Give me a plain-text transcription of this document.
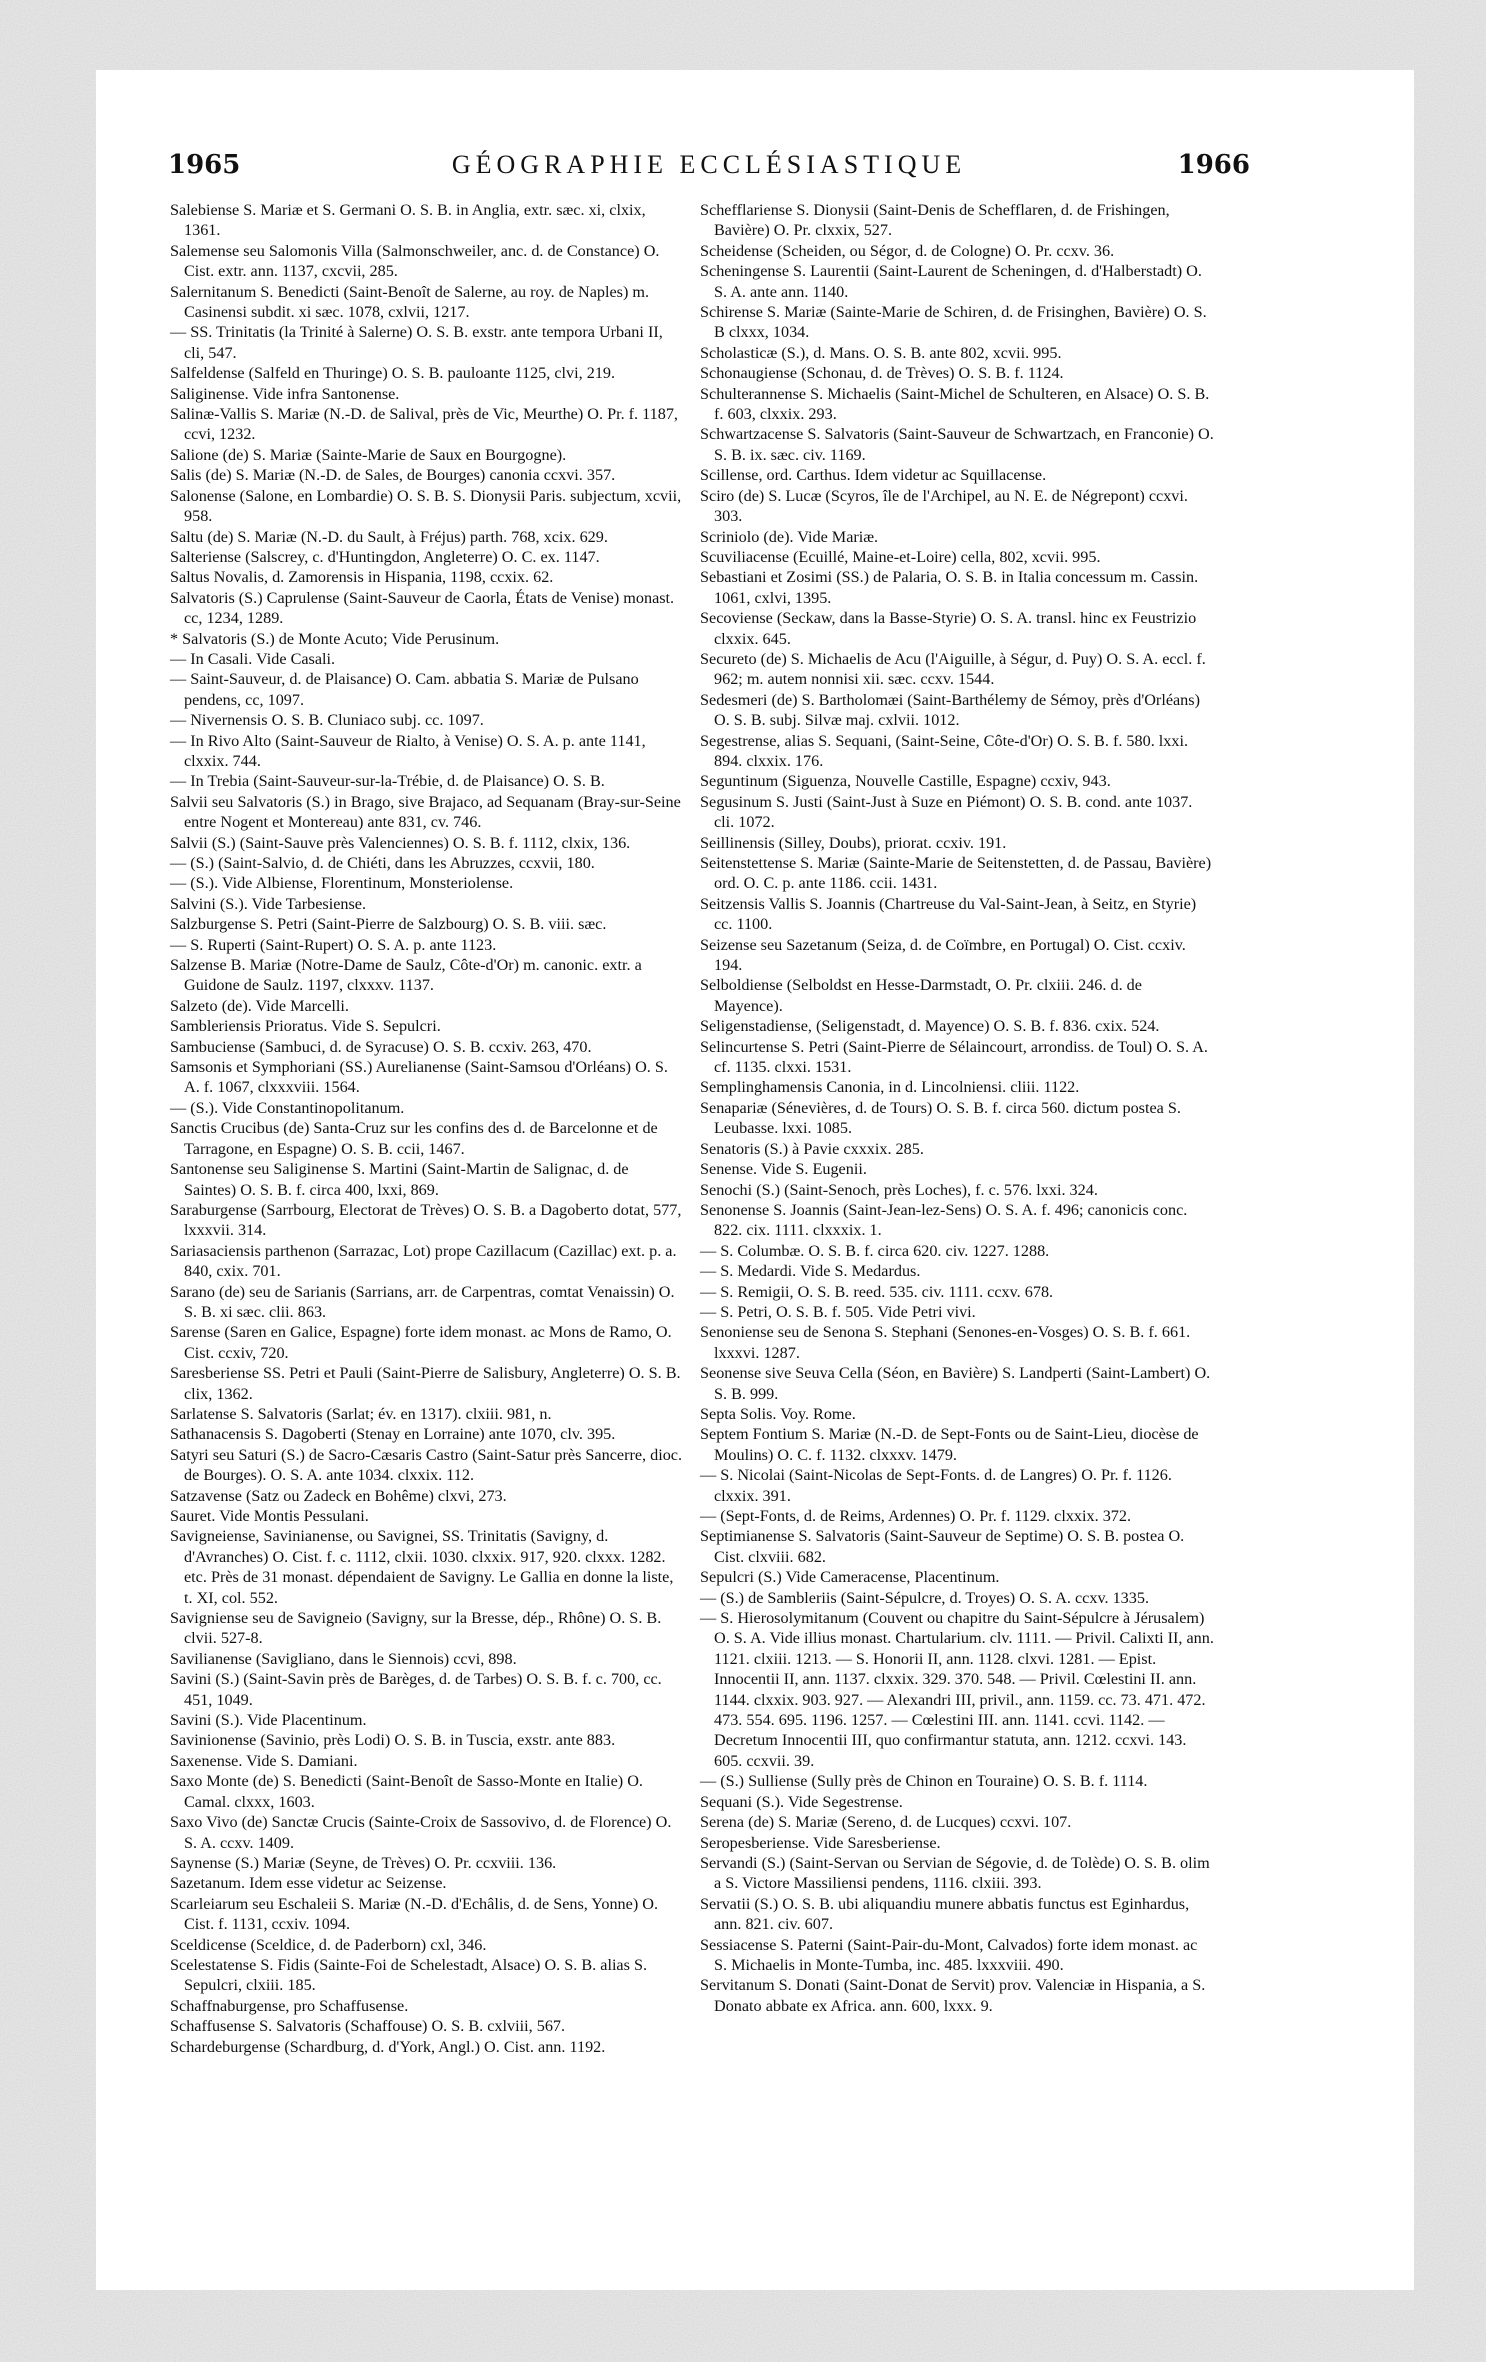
1965	GÉOGRAPHIE ECCLÉSIASTIQUE	1966

Salebiense S. Mariæ et S. Germani O. S. B. in Anglia, extr. sæc. xi, clxix, 1361.

Salemense seu Salomonis Villa (Salmonschweiler, anc. d. de Constance) O. Cist. extr. ann. 1137, cxcvii, 285.

Salernitanum S. Benedicti (Saint-Benoît de Salerne, au roy. de Naples) m. Casinensi subdit. xi sæc. 1078, cxlvii, 1217.

— SS. Trinitatis (la Trinité à Salerne) O. S. B. exstr. ante tempora Urbani II, cli, 547.

Salfeldense (Salfeld en Thuringe) O. S. B. pauloante 1125, clvi, 219.

Saliginense. Vide infra Santonense.

Salinæ-Vallis S. Mariæ (N.-D. de Salival, près de Vic, Meurthe) O. Pr. f. 1187, ccvi, 1232.

Salione (de) S. Mariæ (Sainte-Marie de Saux en Bourgogne).

Salis (de) S. Mariæ (N.-D. de Sales, de Bourges) canonia ccxvi. 357.

Salonense (Salone, en Lombardie) O. S. B. S. Dionysii Paris. subjectum, xcvii, 958.

Saltu (de) S. Mariæ (N.-D. du Sault, à Fréjus) parth. 768, xcix. 629.

Salteriense (Salscrey, c. d'Huntingdon, Angleterre) O. C. ex. 1147.

Saltus Novalis, d. Zamorensis in Hispania, 1198, ccxix. 62.

Salvatoris (S.) Caprulense (Saint-Sauveur de Caorla, États de Venise) monast. cc, 1234, 1289.

* Salvatoris (S.) de Monte Acuto; Vide Perusinum.

— In Casali. Vide Casali.

— Saint-Sauveur, d. de Plaisance) O. Cam. abbatia S. Mariæ de Pulsano pendens, cc, 1097.

— Nivernensis O. S. B. Cluniaco subj. cc. 1097.

— In Rivo Alto (Saint-Sauveur de Rialto, à Venise) O. S. A. p. ante 1141, clxxix. 744.

— In Trebia (Saint-Sauveur-sur-la-Trébie, d. de Plaisance) O. S. B.

Salvii seu Salvatoris (S.) in Brago, sive Brajaco, ad Sequanam (Bray-sur-Seine entre Nogent et Montereau) ante 831, cv. 746.

Salvii (S.) (Saint-Sauve près Valenciennes) O. S. B. f. 1112, clxix, 136.

— (S.) (Saint-Salvio, d. de Chiéti, dans les Abruzzes, ccxvii, 180.

— (S.). Vide Albiense, Florentinum, Monsteriolense.

Salvini (S.). Vide Tarbesiense.

Salzburgense S. Petri (Saint-Pierre de Salzbourg) O. S. B. viii. sæc.

— S. Ruperti (Saint-Rupert) O. S. A. p. ante 1123.

Salzense B. Mariæ (Notre-Dame de Saulz, Côte-d'Or) m. canonic. extr. a Guidone de Saulz. 1197, clxxxv. 1137.

Salzeto (de). Vide Marcelli.

Sambleriensis Prioratus. Vide S. Sepulcri.

Sambuciense (Sambuci, d. de Syracuse) O. S. B. ccxiv. 263, 470.

Samsonis et Symphoriani (SS.) Aurelianense (Saint-Samsou d'Orléans) O. S. A. f. 1067, clxxxviii. 1564.

— (S.). Vide Constantinopolitanum.

Sanctis Crucibus (de) Santa-Cruz sur les confins des d. de Barcelonne et de Tarragone, en Espagne) O. S. B. ccii, 1467.

Santonense seu Saliginense S. Martini (Saint-Martin de Salignac, d. de Saintes) O. S. B. f. circa 400, lxxi, 869.

Saraburgense (Sarrbourg, Electorat de Trèves) O. S. B. a Dagoberto dotat, 577, lxxxvii. 314.

Sariasaciensis parthenon (Sarrazac, Lot) prope Cazillacum (Cazillac) ext. p. a. 840, cxix. 701.

Sarano (de) seu de Sarianis (Sarrians, arr. de Carpentras, comtat Venaissin) O. S. B. xi sæc. clii. 863.

Sarense (Saren en Galice, Espagne) forte idem monast. ac Mons de Ramo, O. Cist. ccxiv, 720.

Saresberiense SS. Petri et Pauli (Saint-Pierre de Salisbury, Angleterre) O. S. B. clix, 1362.

Sarlatense S. Salvatoris (Sarlat; év. en 1317). clxiii. 981, n.

Sathanacensis S. Dagoberti (Stenay en Lorraine) ante 1070, clv. 395.

Satyri seu Saturi (S.) de Sacro-Cæsaris Castro (Saint-Satur près Sancerre, dioc. de Bourges). O. S. A. ante 1034. clxxix. 112.

Satzavense (Satz ou Zadeck en Bohême) clxvi, 273.

Sauret. Vide Montis Pessulani.

Savigneiense, Savinianense, ou Savignei, SS. Trinitatis (Savigny, d. d'Avranches) O. Cist. f. c. 1112, clxii. 1030. clxxix. 917, 920. clxxx. 1282. etc. Près de 31 monast. dépendaient de Savigny. Le Gallia en donne la liste, t. XI, col. 552.

Savigniense seu de Savigneio (Savigny, sur la Bresse, dép., Rhône) O. S. B. clvii. 527-8.

Savilianense (Savigliano, dans le Siennois) ccvi, 898.

Savini (S.) (Saint-Savin près de Barèges, d. de Tarbes) O. S. B. f. c. 700, cc. 451, 1049.

Savini (S.). Vide Placentinum.

Savinionense (Savinio, près Lodi) O. S. B. in Tuscia, exstr. ante 883.

Saxenense. Vide S. Damiani.

Saxo Monte (de) S. Benedicti (Saint-Benoît de Sasso-Monte en Italie) O. Camal. clxxx, 1603.

Saxo Vivo (de) Sanctæ Crucis (Sainte-Croix de Sassovivo, d. de Florence) O. S. A. ccxv. 1409.

Saynense (S.) Mariæ (Seyne, de Trèves) O. Pr. ccxviii. 136.

Sazetanum. Idem esse videtur ac Seizense.

Scarleiarum seu Eschaleii S. Mariæ (N.-D. d'Echâlis, d. de Sens, Yonne) O. Cist. f. 1131, ccxiv. 1094.

Sceldicense (Sceldice, d. de Paderborn) cxl, 346.

Scelestatense S. Fidis (Sainte-Foi de Schelestadt, Alsace) O. S. B. alias S. Sepulcri, clxiii. 185.

Schaffnaburgense, pro Schaffusense.

Schaffusense S. Salvatoris (Schaffouse) O. S. B. cxlviii, 567.

Schardeburgense (Schardburg, d. d'York, Angl.) O. Cist. ann. 1192.

Schefflariense S. Dionysii (Saint-Denis de Schefflaren, d. de Frishingen, Bavière) O. Pr. clxxix, 527.

Scheidense (Scheiden, ou Ségor, d. de Cologne) O. Pr. ccxv. 36.

Scheningense S. Laurentii (Saint-Laurent de Scheningen, d. d'Halberstadt) O. S. A. ante ann. 1140.

Schirense S. Mariæ (Sainte-Marie de Schiren, d. de Frisinghen, Bavière) O. S. B clxxx, 1034.

Scholasticæ (S.), d. Mans. O. S. B. ante 802, xcvii. 995.

Schonaugiense (Schonau, d. de Trèves) O. S. B. f. 1124.

Schulterannense S. Michaelis (Saint-Michel de Schulteren, en Alsace) O. S. B. f. 603, clxxix. 293.

Schwartzacense S. Salvatoris (Saint-Sauveur de Schwartzach, en Franconie) O. S. B. ix. sæc. civ. 1169.

Scillense, ord. Carthus. Idem videtur ac Squillacense.

Sciro (de) S. Lucæ (Scyros, île de l'Archipel, au N. E. de Négrepont) ccxvi. 303.

Scriniolo (de). Vide Mariæ.

Scuviliacense (Ecuillé, Maine-et-Loire) cella, 802, xcvii. 995.

Sebastiani et Zosimi (SS.) de Palaria, O. S. B. in Italia concessum m. Cassin. 1061, cxlvi, 1395.

Secoviense (Seckaw, dans la Basse-Styrie) O. S. A. transl. hinc ex Feustrizio clxxix. 645.

Secureto (de) S. Michaelis de Acu (l'Aiguille, à Ségur, d. Puy) O. S. A. eccl. f. 962; m. autem nonnisi xii. sæc. ccxv. 1544.

Sedesmeri (de) S. Bartholomæi (Saint-Barthélemy de Sémoy, près d'Orléans) O. S. B. subj. Silvæ maj. cxlvii. 1012.

Segestrense, alias S. Sequani, (Saint-Seine, Côte-d'Or) O. S. B. f. 580. lxxi. 894. clxxix. 176.

Seguntinum (Siguenza, Nouvelle Castille, Espagne) ccxiv, 943.

Segusinum S. Justi (Saint-Just à Suze en Piémont) O. S. B. cond. ante 1037. cli. 1072.

Seillinensis (Silley, Doubs), priorat. ccxiv. 191.

Seitenstettense S. Mariæ (Sainte-Marie de Seitenstetten, d. de Passau, Bavière) ord. O. C. p. ante 1186. ccii. 1431.

Seitzensis Vallis S. Joannis (Chartreuse du Val-Saint-Jean, à Seitz, en Styrie) cc. 1100.

Seizense seu Sazetanum (Seiza, d. de Coïmbre, en Portugal) O. Cist. ccxiv. 194.

Selboldiense (Selboldst en Hesse-Darmstadt, O. Pr. clxiii. 246. d. de Mayence).

Seligenstadiense, (Seligenstadt, d. Mayence) O. S. B. f. 836. cxix. 524.

Selincurtense S. Petri (Saint-Pierre de Sélaincourt, arrondiss. de Toul) O. S. A. cf. 1135. clxxi. 1531.

Semplinghamensis Canonia, in d. Lincolniensi. cliii. 1122.

Senapariæ (Sénevières, d. de Tours) O. S. B. f. circa 560. dictum postea S. Leubasse. lxxi. 1085.

Senatoris (S.) à Pavie cxxxix. 285.

Senense. Vide S. Eugenii.

Senochi (S.) (Saint-Senoch, près Loches), f. c. 576. lxxi. 324.

Senonense S. Joannis (Saint-Jean-lez-Sens) O. S. A. f. 496; canonicis conc. 822. cix. 1111. clxxxix. 1.

— S. Columbæ. O. S. B. f. circa 620. civ. 1227. 1288.

— S. Medardi. Vide S. Medardus.

— S. Remigii, O. S. B. reed. 535. civ. 1111. ccxv. 678.

— S. Petri, O. S. B. f. 505. Vide Petri vivi.

Senoniense seu de Senona S. Stephani (Senones-en-Vosges) O. S. B. f. 661. lxxxvi. 1287.

Seonense sive Seuva Cella (Séon, en Bavière) S. Landperti (Saint-Lambert) O. S. B. 999.

Septa Solis. Voy. Rome.

Septem Fontium S. Mariæ (N.-D. de Sept-Fonts ou de Saint-Lieu, diocèse de Moulins) O. C. f. 1132. clxxxv. 1479.

— S. Nicolai (Saint-Nicolas de Sept-Fonts. d. de Langres) O. Pr. f. 1126. clxxix. 391.

— (Sept-Fonts, d. de Reims, Ardennes) O. Pr. f. 1129. clxxix. 372.

Septimianense S. Salvatoris (Saint-Sauveur de Septime) O. S. B. postea O. Cist. clxviii. 682.

Sepulcri (S.) Vide Cameracense, Placentinum.

— (S.) de Sambleriis (Saint-Sépulcre, d. Troyes) O. S. A. ccxv. 1335.

— S. Hierosolymitanum (Couvent ou chapitre du Saint-Sépulcre à Jérusalem) O. S. A. Vide illius monast. Chartularium. clv. 1111. — Privil. Calixti II, ann. 1121. clxiii. 1213. — S. Honorii II, ann. 1128. clxvi. 1281. — Epist. Innocentii II, ann. 1137. clxxix. 329. 370. 548. — Privil. Cœlestini II. ann. 1144. clxxix. 903. 927. — Alexandri III, privil., ann. 1159. cc. 73. 471. 472. 473. 554. 695. 1196. 1257. — Cœlestini III. ann. 1141. ccvi. 1142. — Decretum Innocentii III, quo confirmantur statuta, ann. 1212. ccxvi. 143. 605. ccxvii. 39.

— (S.) Sulliense (Sully près de Chinon en Touraine) O. S. B. f. 1114.

Sequani (S.). Vide Segestrense.

Serena (de) S. Mariæ (Sereno, d. de Lucques) ccxvi. 107.

Seropesberiense. Vide Saresberiense.

Servandi (S.) (Saint-Servan ou Servian de Ségovie, d. de Tolède) O. S. B. olim a S. Victore Massiliensi pendens, 1116. clxiii. 393.

Servatii (S.) O. S. B. ubi aliquandiu munere abbatis functus est Eginhardus, ann. 821. civ. 607.

Sessiacense S. Paterni (Saint-Pair-du-Mont, Calvados) forte idem monast. ac S. Michaelis in Monte-Tumba, inc. 485. lxxxviii. 490.

Servitanum S. Donati (Saint-Donat de Servit) prov. Valenciæ in Hispania, a S. Donato abbate ex Africa. ann. 600, lxxx. 9.
